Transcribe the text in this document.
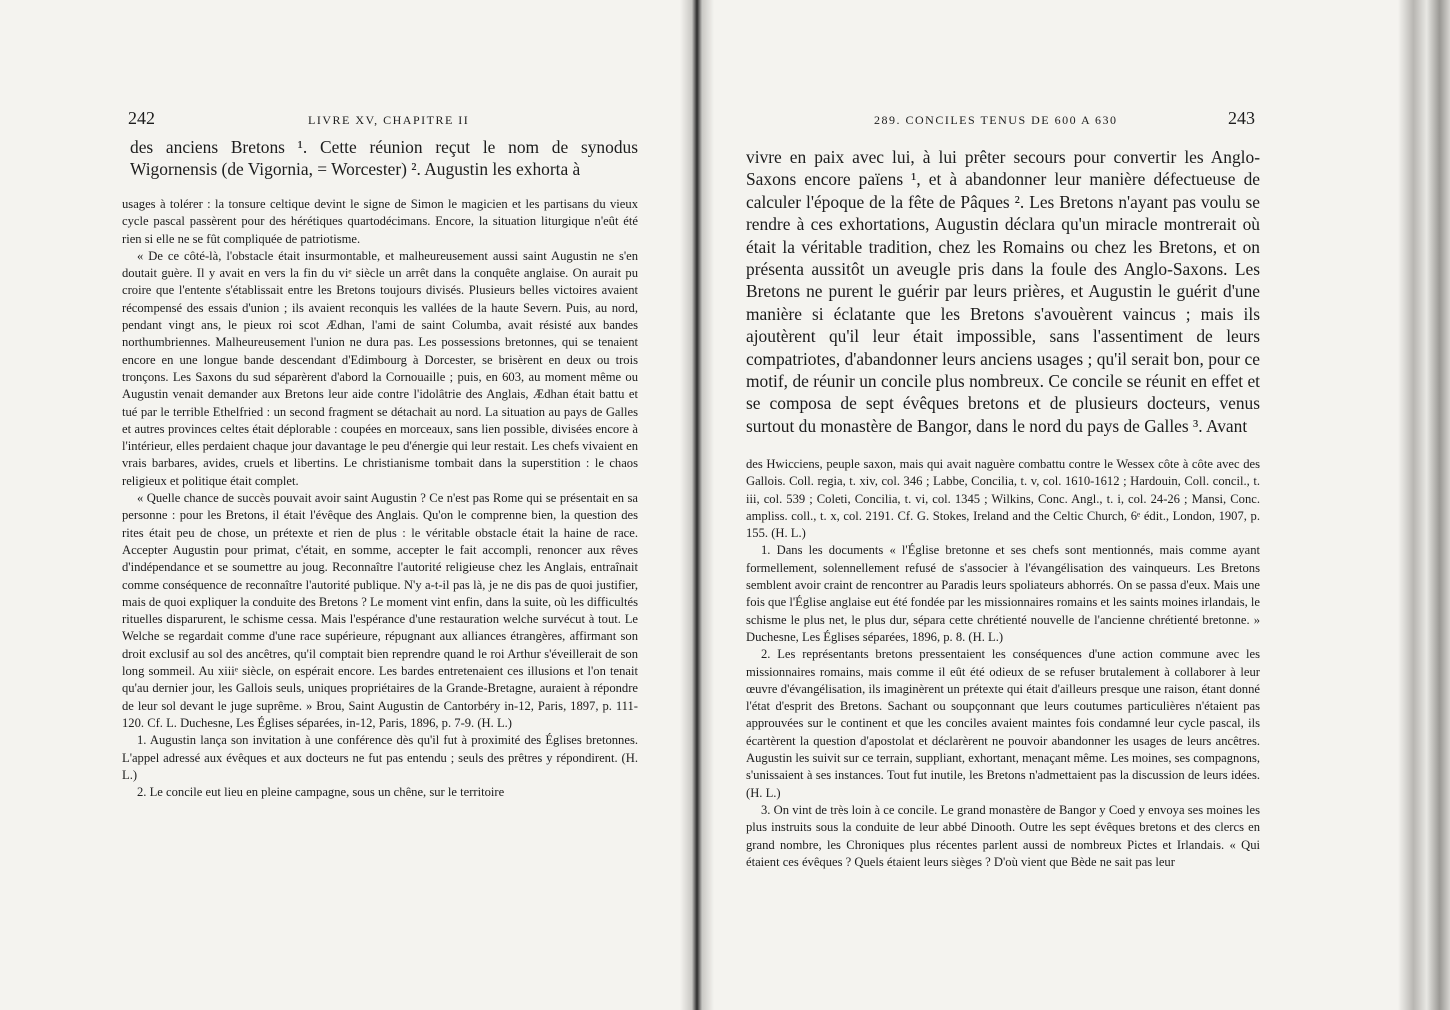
242	LIVRE XV, CHAPITRE II

des anciens Bretons ¹. Cette réunion reçut le nom de synodus Wigornensis (de Vigornia, = Worcester) ². Augustin les exhorta à

usages à tolérer : la tonsure celtique devint le signe de Simon le magicien et les partisans du vieux cycle pascal passèrent pour des hérétiques quartodécimans. Encore, la situation liturgique n'eût été rien si elle ne se fût compliquée de patriotisme.

« De ce côté-là, l'obstacle était insurmontable, et malheureusement aussi saint Augustin ne s'en doutait guère. Il y avait en vers la fin du viᵉ siècle un arrêt dans la conquête anglaise. On aurait pu croire que l'entente s'établissait entre les Bretons toujours divisés. Plusieurs belles victoires avaient récompensé des essais d'union ; ils avaient reconquis les vallées de la haute Severn. Puis, au nord, pendant vingt ans, le pieux roi scot Ædhan, l'ami de saint Columba, avait résisté aux bandes northumbriennes. Malheureusement l'union ne dura pas. Les possessions bretonnes, qui se tenaient encore en une longue bande descendant d'Edimbourg à Dorcester, se brisèrent en deux ou trois tronçons. Les Saxons du sud séparèrent d'abord la Cornouaille ; puis, en 603, au moment même ou Augustin venait demander aux Bretons leur aide contre l'idolâtrie des Anglais, Ædhan était battu et tué par le terrible Ethelfried : un second fragment se détachait au nord. La situation au pays de Galles et autres provinces celtes était déplorable : coupées en morceaux, sans lien possible, divisées encore à l'intérieur, elles perdaient chaque jour davantage le peu d'énergie qui leur restait. Les chefs vivaient en vrais barbares, avides, cruels et libertins. Le christianisme tombait dans la superstition : le chaos religieux et politique était complet.

« Quelle chance de succès pouvait avoir saint Augustin ? Ce n'est pas Rome qui se présentait en sa personne : pour les Bretons, il était l'évêque des Anglais. Qu'on le comprenne bien, la question des rites était peu de chose, un prétexte et rien de plus : le véritable obstacle était la haine de race. Accepter Augustin pour primat, c'était, en somme, accepter le fait accompli, renoncer aux rêves d'indépendance et se soumettre au joug. Reconnaître l'autorité religieuse chez les Anglais, entraînait comme conséquence de reconnaître l'autorité publique. N'y a-t-il pas là, je ne dis pas de quoi justifier, mais de quoi expliquer la conduite des Bretons ? Le moment vint enfin, dans la suite, où les difficultés rituelles disparurent, le schisme cessa. Mais l'espérance d'une restauration welche survécut à tout. Le Welche se regardait comme d'une race supérieure, répugnant aux alliances étrangères, affirmant son droit exclusif au sol des ancêtres, qu'il comptait bien reprendre quand le roi Arthur s'éveillerait de son long sommeil. Au xiiiᵉ siècle, on espérait encore. Les bardes entretenaient ces illusions et l'on tenait qu'au dernier jour, les Gallois seuls, uniques propriétaires de la Grande-Bretagne, auraient à répondre de leur sol devant le juge suprême. » Brou, Saint Augustin de Cantorbéry in-12, Paris, 1897, p. 111-120. Cf. L. Duchesne, Les Églises séparées, in-12, Paris, 1896, p. 7-9. (H. L.)

1. Augustin lança son invitation à une conférence dès qu'il fut à proximité des Églises bretonnes. L'appel adressé aux évêques et aux docteurs ne fut pas entendu ; seuls des prêtres y répondirent. (H. L.)

2. Le concile eut lieu en pleine campagne, sous un chêne, sur le territoire

289. CONCILES TENUS DE 600 A 630	243

vivre en paix avec lui, à lui prêter secours pour convertir les Anglo-Saxons encore païens ¹, et à abandonner leur manière défectueuse de calculer l'époque de la fête de Pâques ². Les Bretons n'ayant pas voulu se rendre à ces exhortations, Augustin déclara qu'un miracle montrerait où était la véritable tradition, chez les Romains ou chez les Bretons, et on présenta aussitôt un aveugle pris dans la foule des Anglo-Saxons. Les Bretons ne purent le guérir par leurs prières, et Augustin le guérit d'une manière si éclatante que les Bretons s'avouèrent vaincus ; mais ils ajoutèrent qu'il leur était impossible, sans l'assentiment de leurs compatriotes, d'abandonner leurs anciens usages ; qu'il serait bon, pour ce motif, de réunir un concile plus nombreux. Ce concile se réunit en effet et se composa de sept évêques bretons et de plusieurs docteurs, venus surtout du monastère de Bangor, dans le nord du pays de Galles ³. Avant

des Hwicciens, peuple saxon, mais qui avait naguère combattu contre le Wessex côte à côte avec des Gallois. Coll. regia, t. xiv, col. 346 ; Labbe, Concilia, t. v, col. 1610-1612 ; Hardouin, Coll. concil., t. iii, col. 539 ; Coleti, Concilia, t. vi, col. 1345 ; Wilkins, Conc. Angl., t. i, col. 24-26 ; Mansi, Conc. ampliss. coll., t. x, col. 2191. Cf. G. Stokes, Ireland and the Celtic Church, 6ᵉ édit., London, 1907, p. 155. (H. L.)

1. Dans les documents « l'Église bretonne et ses chefs sont mentionnés, mais comme ayant formellement, solennellement refusé de s'associer à l'évangélisation des vainqueurs. Les Bretons semblent avoir craint de rencontrer au Paradis leurs spoliateurs abhorrés. On se passa d'eux. Mais une fois que l'Église anglaise eut été fondée par les missionnaires romains et les saints moines irlandais, le schisme le plus net, le plus dur, sépara cette chrétienté nouvelle de l'ancienne chrétienté bretonne. » Duchesne, Les Églises séparées, 1896, p. 8. (H. L.)

2. Les représentants bretons pressentaient les conséquences d'une action commune avec les missionnaires romains, mais comme il eût été odieux de se refuser brutalement à collaborer à leur œuvre d'évangélisation, ils imaginèrent un prétexte qui était d'ailleurs presque une raison, étant donné l'état d'esprit des Bretons. Sachant ou soupçonnant que leurs coutumes particulières n'étaient pas approuvées sur le continent et que les conciles avaient maintes fois condamné leur cycle pascal, ils écartèrent la question d'apostolat et déclarèrent ne pouvoir abandonner les usages de leurs ancêtres. Augustin les suivit sur ce terrain, suppliant, exhortant, menaçant même. Les moines, ses compagnons, s'unissaient à ses instances. Tout fut inutile, les Bretons n'admettaient pas la discussion de leurs idées. (H. L.)

3. On vint de très loin à ce concile. Le grand monastère de Bangor y Coed y envoya ses moines les plus instruits sous la conduite de leur abbé Dinooth. Outre les sept évêques bretons et des clercs en grand nombre, les Chroniques plus récentes parlent aussi de nombreux Pictes et Irlandais. « Qui étaient ces évêques ? Quels étaient leurs sièges ? D'où vient que Bède ne sait pas leur
